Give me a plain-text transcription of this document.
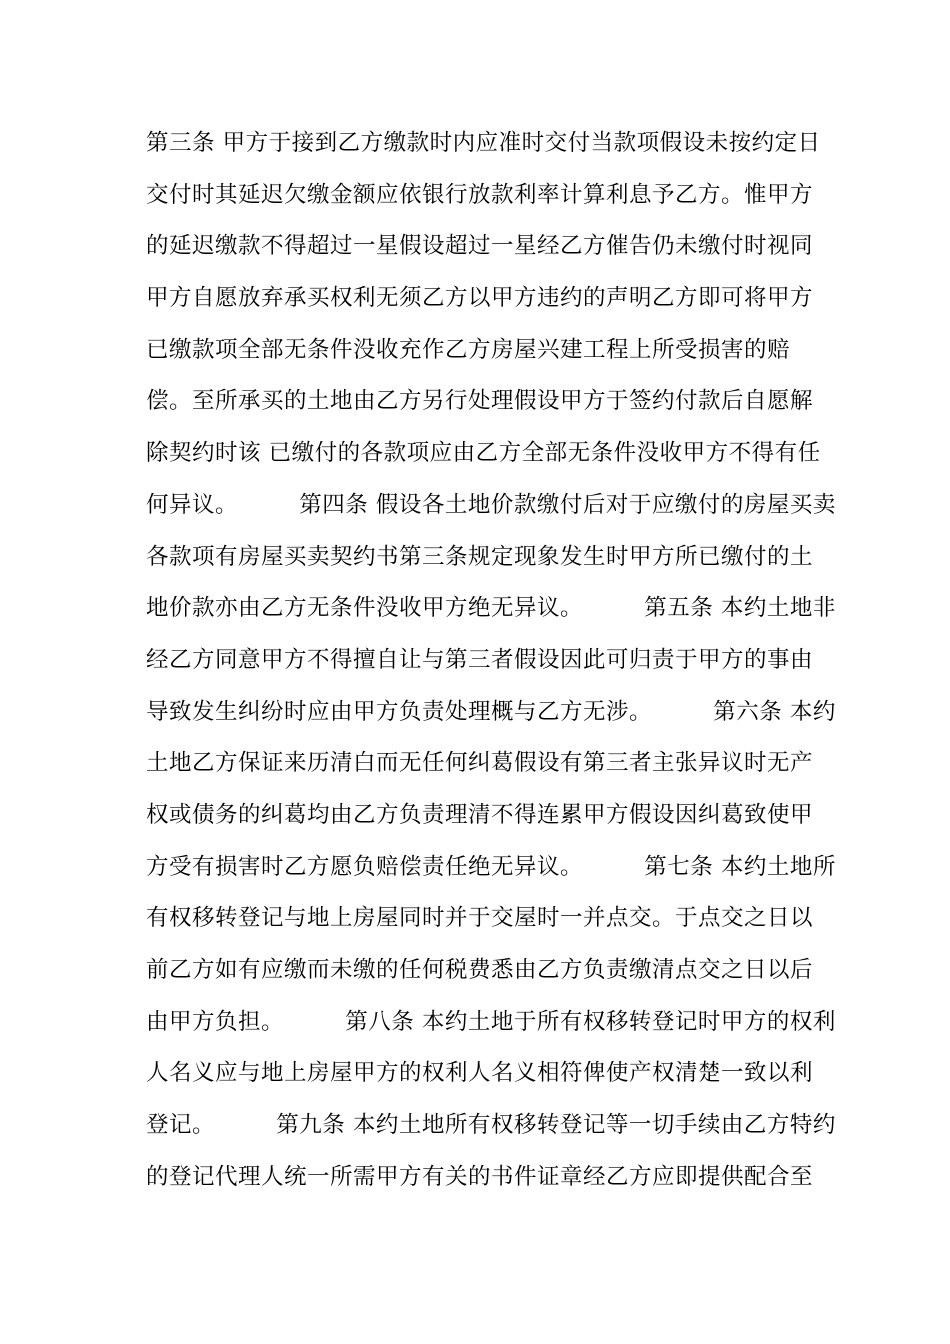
第三条 甲方于接到乙方缴款时内应准时交付当款项假设未按约定日
交付时其延迟欠缴金额应依银行放款利率计算利息予乙方。惟甲方
的延迟缴款不得超过一星假设超过一星经乙方催告仍未缴付时视同
甲方自愿放弃承买权利无须乙方以甲方违约的声明乙方即可将甲方
已缴款项全部无条件没收充作乙方房屋兴建工程上所受损害的赔
偿。至所承买的土地由乙方另行处理假设甲方于签约付款后自愿解
除契约时该 已缴付的各款项应由乙方全部无条件没收甲方不得有任
何异议。        第四条 假设各土地价款缴付后对于应缴付的房屋买卖
各款项有房屋买卖契约书第三条规定现象发生时甲方所已缴付的土
地价款亦由乙方无条件没收甲方绝无异议。        第五条 本约土地非
经乙方同意甲方不得擅自让与第三者假设因此可归责于甲方的事由
导致发生纠纷时应由甲方负责处理概与乙方无涉。        第六条 本约
土地乙方保证来历清白而无任何纠葛假设有第三者主张异议时无产
权或债务的纠葛均由乙方负责理清不得连累甲方假设因纠葛致使甲
方受有损害时乙方愿负赔偿责任绝无异议。        第七条 本约土地所
有权移转登记与地上房屋同时并于交屋时一并点交。于点交之日以
前乙方如有应缴而未缴的任何税费悉由乙方负责缴清点交之日以后
由甲方负担。        第八条 本约土地于所有权移转登记时甲方的权利
人名义应与地上房屋甲方的权利人名义相符俾使产权清楚一致以利
登记。        第九条 本约土地所有权移转登记等一切手续由乙方特约
的登记代理人统一所需甲方有关的书件证章经乙方应即提供配合至
